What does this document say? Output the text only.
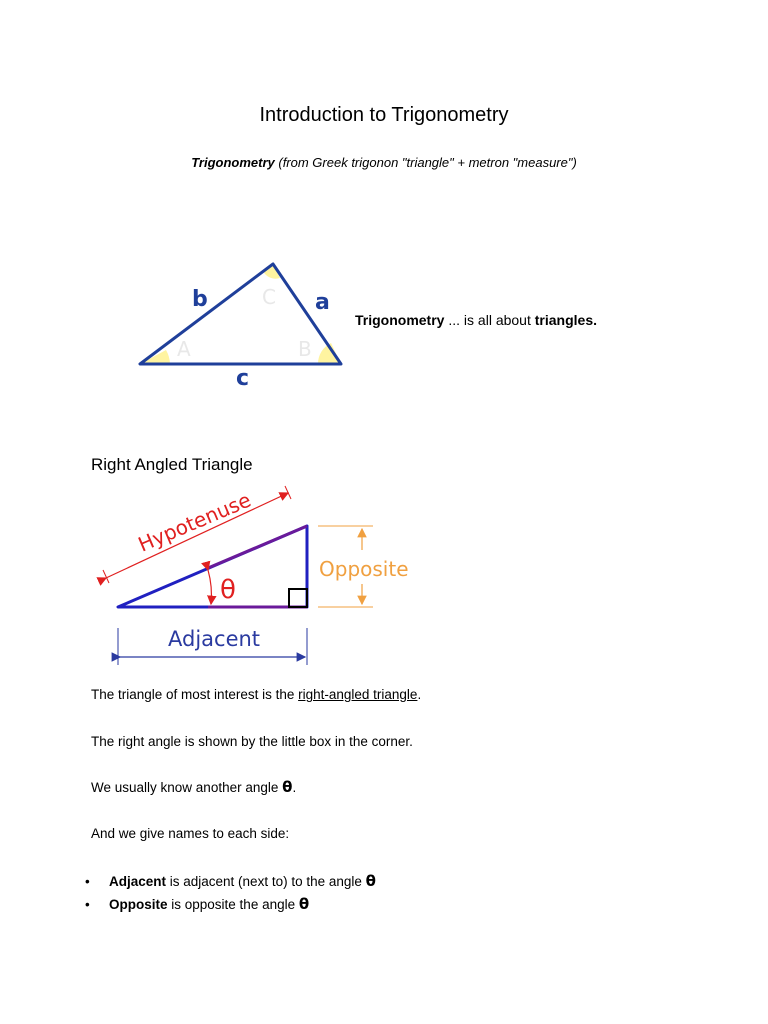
Introduction to Trigonometry
Trigonometry (from Greek trigonon "triangle" + metron "measure")
A	B
C
b	a
c
Trigonometry ... is all about triangles.
Right Angled Triangle
θ
Hypotenuse
Opposite
Adjacent
The triangle of most interest is the right-angled triangle.
The right angle is shown by the little box in the corner.
We usually know another angle θ.
And we give names to each side:
• Adjacent is adjacent (next to) to the angle θ
• Opposite is opposite the angle θ
